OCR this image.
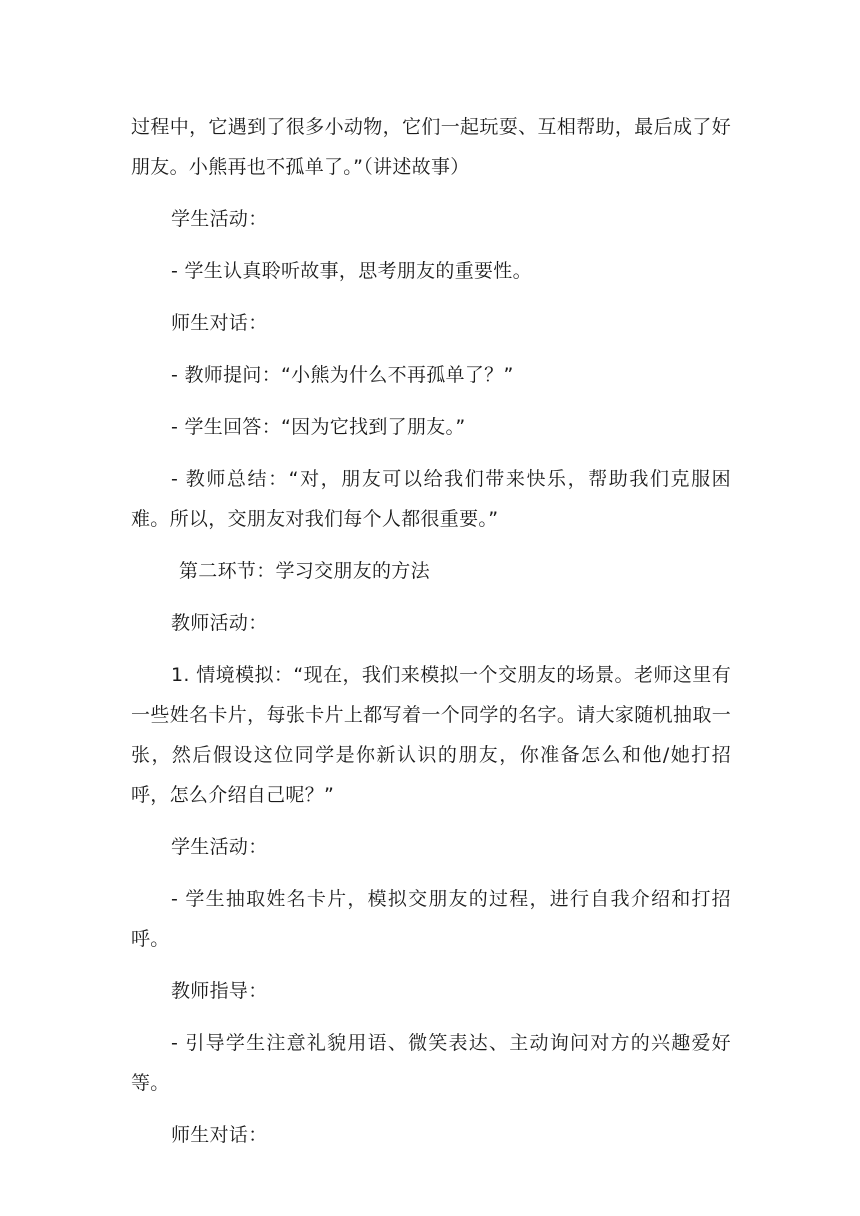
过程中，它遇到了很多小动物，它们一起玩耍、互相帮助，最后成了好朋友。小熊再也不孤单了。”（讲述故事）

学生活动：

- 学生认真聆听故事，思考朋友的重要性。

师生对话：

- 教师提问：“小熊为什么不再孤单了？”

- 学生回答：“因为它找到了朋友。”

- 教师总结：“对，朋友可以给我们带来快乐，帮助我们克服困难。所以，交朋友对我们每个人都很重要。”

第二环节：学习交朋友的方法

教师活动：

1. 情境模拟：“现在，我们来模拟一个交朋友的场景。老师这里有一些姓名卡片，每张卡片上都写着一个同学的名字。请大家随机抽取一张，然后假设这位同学是你新认识的朋友，你准备怎么和他/她打招呼，怎么介绍自己呢？”

学生活动：

- 学生抽取姓名卡片，模拟交朋友的过程，进行自我介绍和打招呼。

教师指导：

- 引导学生注意礼貌用语、微笑表达、主动询问对方的兴趣爱好等。

师生对话：
